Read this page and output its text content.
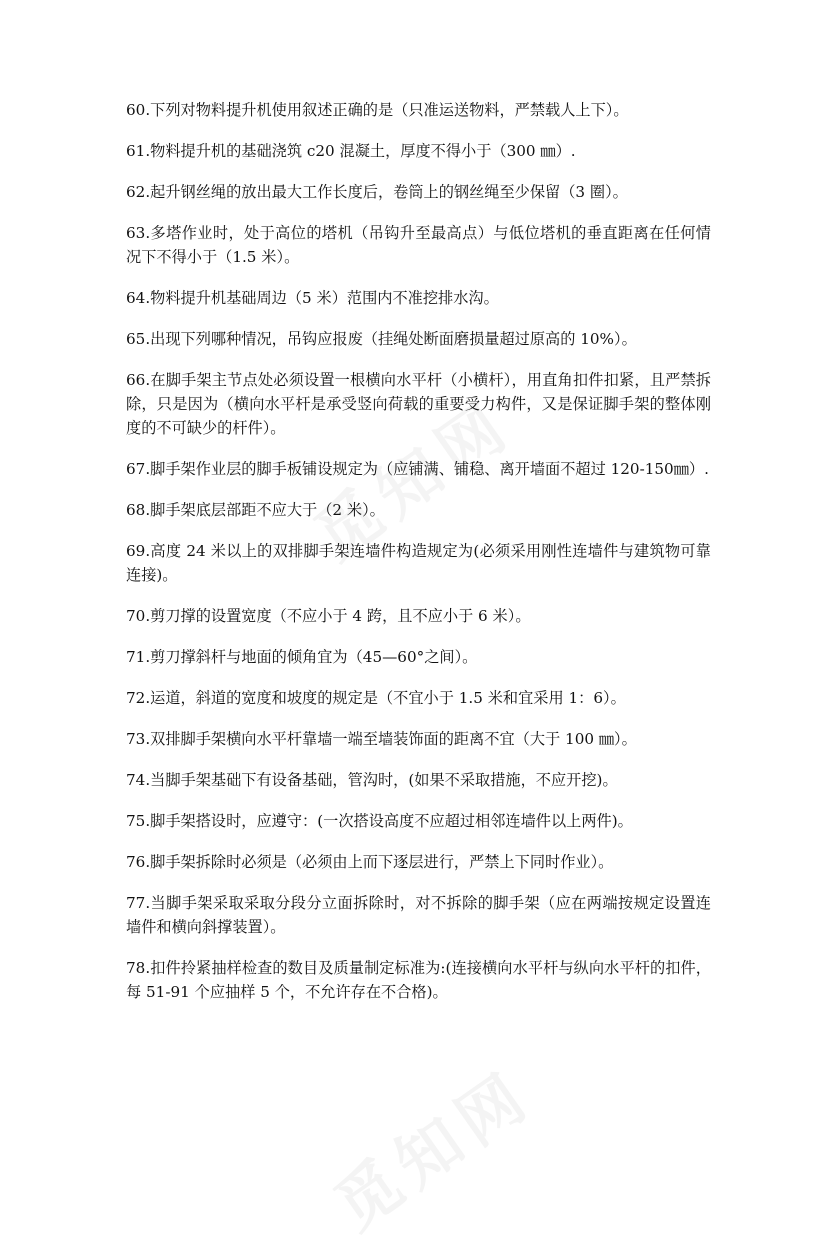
60.下列对物料提升机使用叙述正确的是（只准运送物料，严禁载人上下）。

61.物料提升机的基础浇筑 c20 混凝土，厚度不得小于（300 ㎜）.

62.起升钢丝绳的放出最大工作长度后，卷筒上的钢丝绳至少保留（3 圈）。

63.多塔作业时，处于高位的塔机（吊钩升至最高点）与低位塔机的垂直距离在任何情况下不得小于（1.5 米）。

64.物料提升机基础周边（5 米）范围内不准挖排水沟。

65.出现下列哪种情况，吊钩应报废（挂绳处断面磨损量超过原高的 10%）。

66.在脚手架主节点处必须设置一根横向水平杆（小横杆），用直角扣件扣紧，且严禁拆除，只是因为（横向水平杆是承受竖向荷载的重要受力构件，又是保证脚手架的整体刚度的不可缺少的杆件）。

67.脚手架作业层的脚手板铺设规定为（应铺满、铺稳、离开墙面不超过 120-150㎜）.

68.脚手架底层部距不应大于（2 米）。

69.高度 24 米以上的双排脚手架连墙件构造规定为(必须采用刚性连墙件与建筑物可靠连接)。

70.剪刀撑的设置宽度（不应小于 4 跨，且不应小于 6 米）。

71.剪刀撑斜杆与地面的倾角宜为（45—60°之间）。

72.运道，斜道的宽度和坡度的规定是（不宜小于 1.5 米和宜采用 1：6）。

73.双排脚手架横向水平杆靠墙一端至墙装饰面的距离不宜（大于 100 ㎜）。

74.当脚手架基础下有设备基础，管沟时，(如果不采取措施，不应开挖)。

75.脚手架搭设时，应遵守：(一次搭设高度不应超过相邻连墙件以上两件)。

76.脚手架拆除时必须是（必须由上而下逐层进行，严禁上下同时作业）。

77.当脚手架采取采取分段分立面拆除时，对不拆除的脚手架（应在两端按规定设置连墙件和横向斜撑装置）。

78.扣件拎紧抽样检查的数目及质量制定标准为:(连接横向水平杆与纵向水平杆的扣件，每 51-91 个应抽样 5 个，不允许存在不合格)。
